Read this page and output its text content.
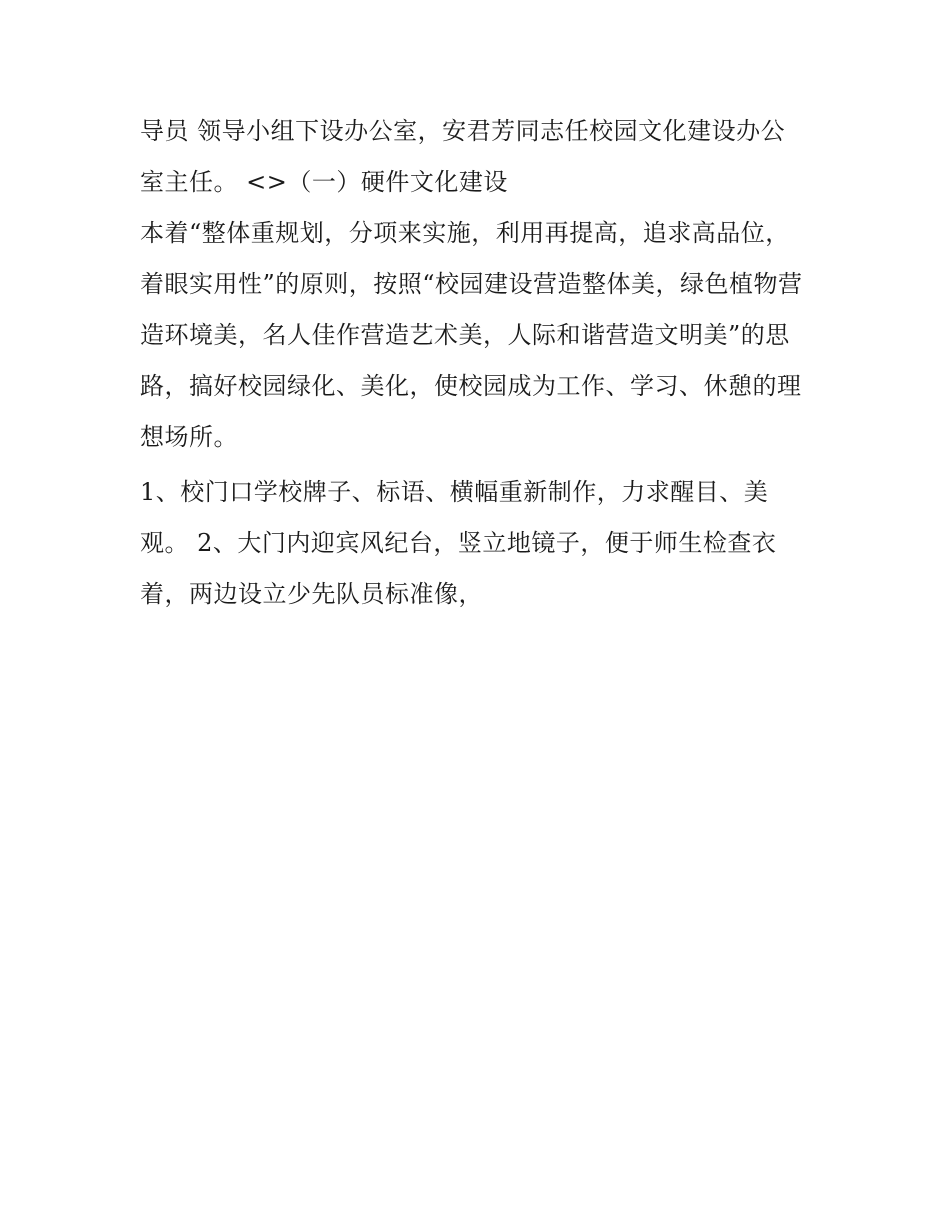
导员 领导小组下设办公室，安君芳同志任校园文化建设办公
室主任。 <>（一）硬件文化建设
本着“整体重规划，分项来实施，利用再提高，追求高品位，
着眼实用性”的原则，按照“校园建设营造整体美，绿色植物营
造环境美，名人佳作营造艺术美，人际和谐营造文明美”的思
路，搞好校园绿化、美化，使校园成为工作、学习、休憩的理
想场所。
1、校门口学校牌子、标语、横幅重新制作，力求醒目、美
观。 2、大门内迎宾风纪台，竖立地镜子，便于师生检查衣
着，两边设立少先队员标准像，
